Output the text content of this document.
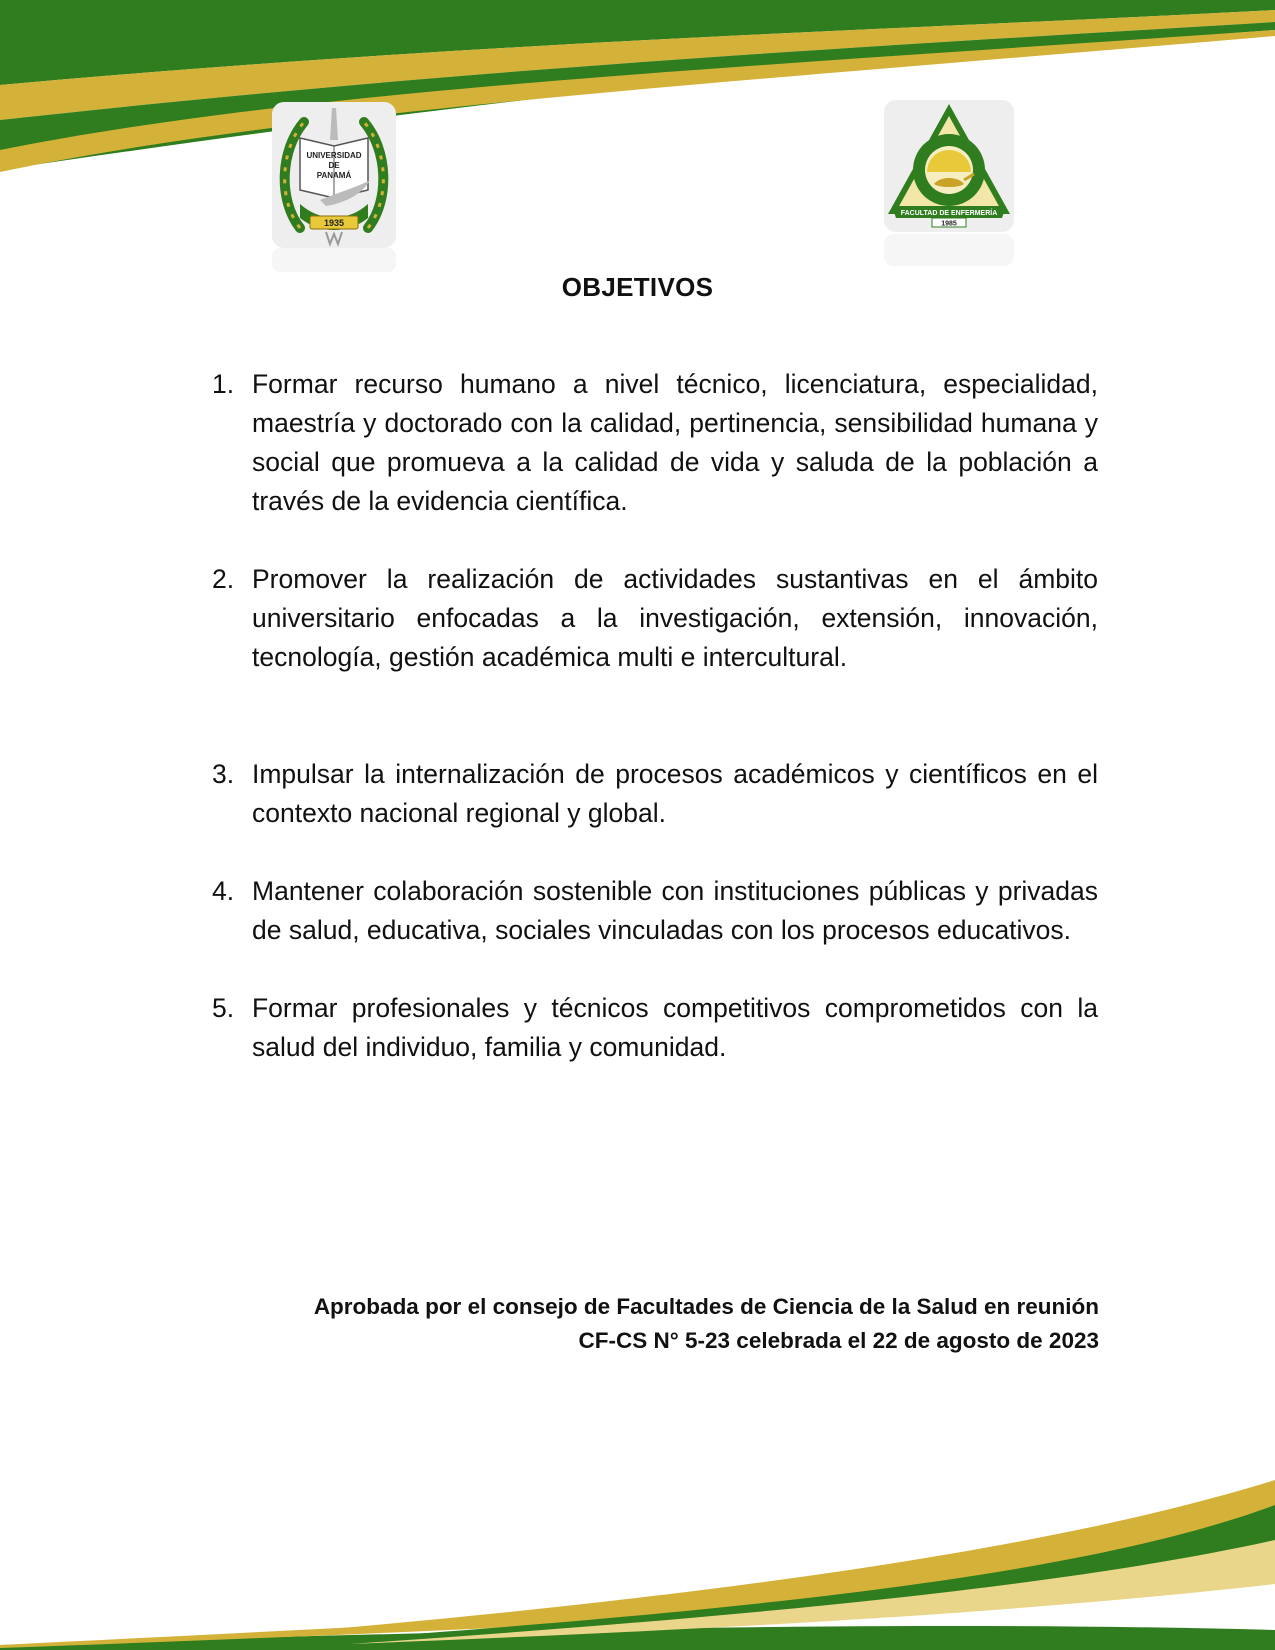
UNIVERSIDAD
DE
PANAMÁ
1935
FACULTAD DE ENFERMERÍA
1985
OBJETIVOS
1. Formar recurso humano a nivel técnico, licenciatura, especialidad, maestría y doctorado con la calidad, pertinencia, sensibilidad humana y social que promueva a la calidad de vida y saluda de la población a través de la evidencia científica.
2. Promover la realización de actividades sustantivas en el ámbito universitario enfocadas a la investigación, extensión, innovación, tecnología, gestión académica multi e intercultural.
3. Impulsar la internalización de procesos académicos y científicos en el contexto nacional regional y global.
4. Mantener colaboración sostenible con instituciones públicas y privadas de salud, educativa, sociales vinculadas con los procesos educativos.
5. Formar profesionales y técnicos competitivos comprometidos con la salud del individuo, familia y comunidad.
Aprobada por el consejo de Facultades de Ciencia de la Salud en reunión
CF-CS N° 5-23 celebrada el 22 de agosto de 2023
